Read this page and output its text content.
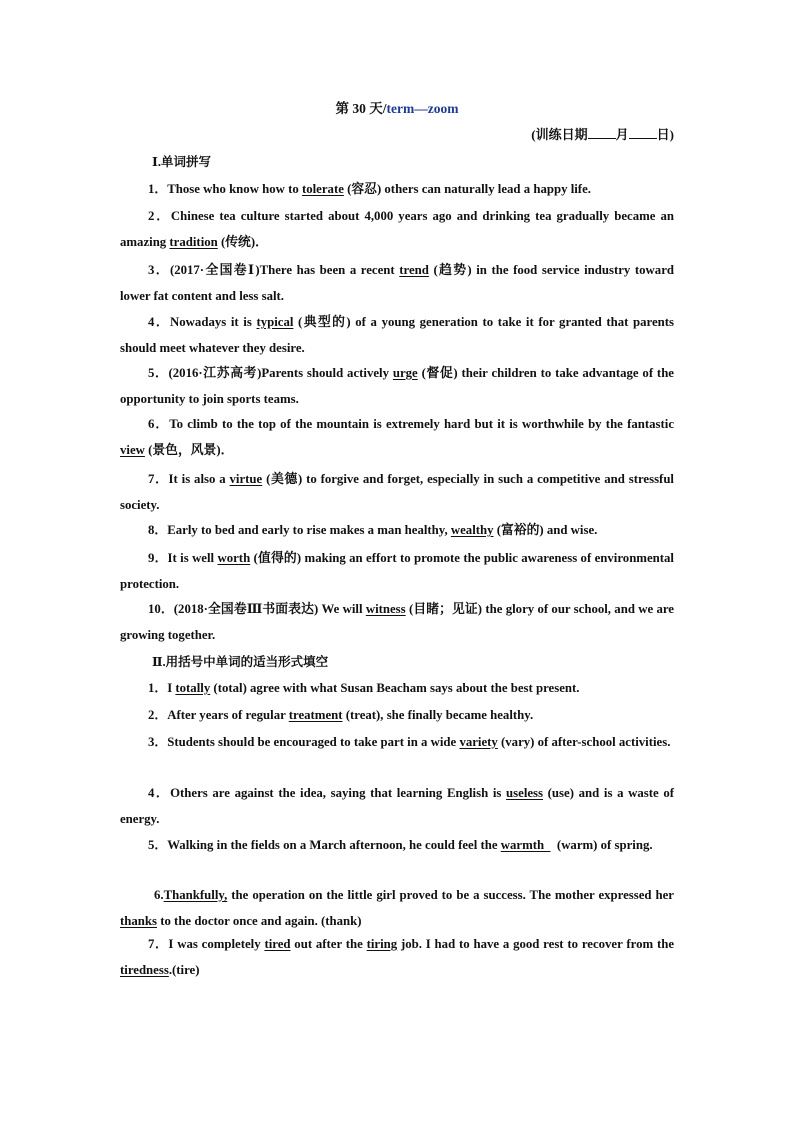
第 30 天/term—zoom
(训练日期 月 日)
Ⅰ.单词拼写
1．Those who know how to tolerate (容忍) others can naturally lead a happy life.
2．Chinese tea culture started about 4,000 years ago and drinking tea gradually became an amazing tradition (传统)．
3．(2017·全国卷Ⅰ)There has been a recent trend (趋势) in the food service industry toward lower fat content and less salt.
4．Nowadays it is typical (典型的) of a young generation to take it for granted that parents should meet whatever they desire.
5．(2016·江苏高考)Parents should actively urge (督促) their children to take advantage of the opportunity to join sports teams.
6．To climb to the top of the mountain is extremely hard but it is worthwhile by the fantastic view (景色，风景)．
7．It is also a virtue (美德) to forgive and forget, especially in such a competitive and stressful society.
8．Early to bed and early to rise makes a man healthy, wealthy (富裕的) and wise.
9．It is well worth (值得的) making an effort to promote the public awareness of environmental protection.
10．(2018·全国卷Ⅲ书面表达) We will witness (目睹；见证) the glory of our school, and we are growing together.
Ⅱ.用括号中单词的适当形式填空
1．I totally (total) agree with what Susan Beacham says about the best present.
2．After years of regular treatment (treat), she finally became healthy.
3．Students should be encouraged to take part in a wide variety (vary) of after-school activities.
4．Others are against the idea, saying that learning English is useless (use) and is a waste of energy.
5．Walking in the fields on a March afternoon, he could feel the warmth    (warm) of spring.
6.Thankfully, the operation on the little girl proved to be a success. The mother expressed her thanks to the doctor once and again. (thank)
7．I was completely tired out after the tiring job. I had to have a good rest to recover from the tiredness.(tire)
